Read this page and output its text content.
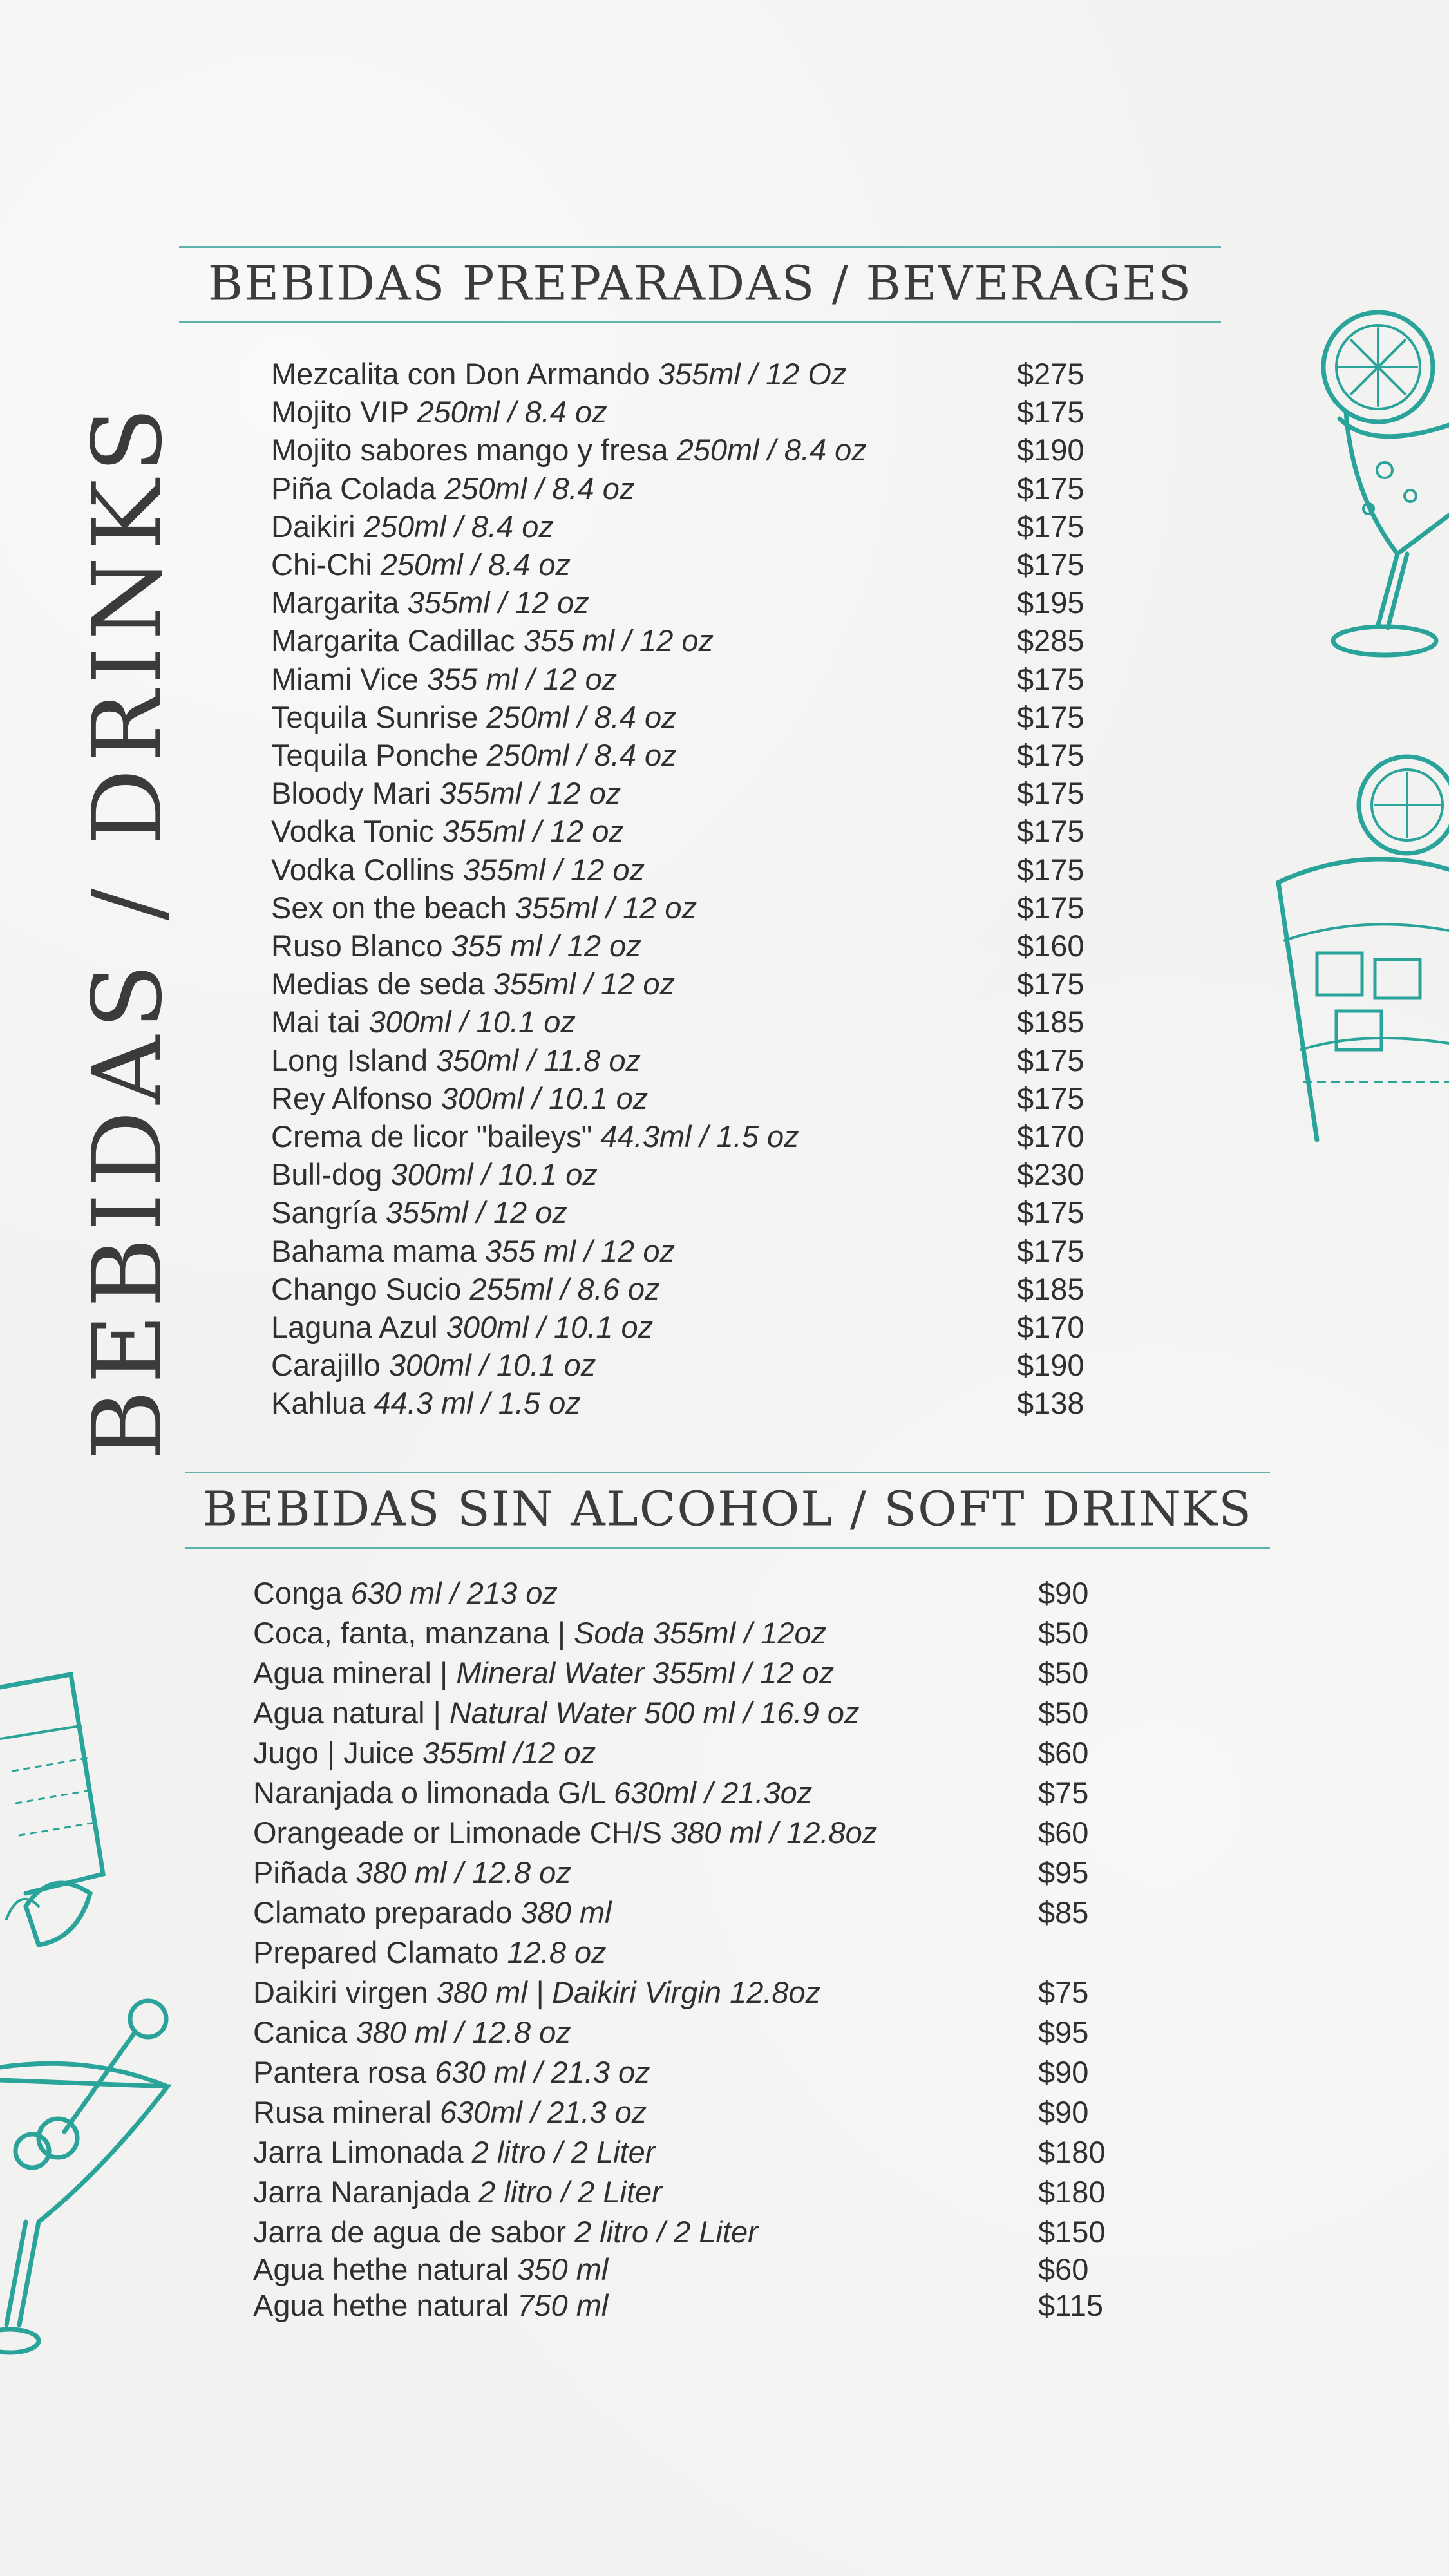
BEBIDAS / DRINKS
BEBIDAS PREPARADAS / BEVERAGES
BEBIDAS SIN ALCOHOL / SOFT DRINKS
Mezcalita con Don Armando 355ml / 12 Oz	$275
Mojito VIP 250ml / 8.4 oz	$175
Mojito sabores mango y fresa 250ml / 8.4 oz	$190
Piña Colada 250ml / 8.4 oz	$175
Daikiri 250ml / 8.4 oz	$175
Chi-Chi 250ml / 8.4 oz	$175
Margarita 355ml / 12 oz	$195
Margarita Cadillac 355 ml / 12 oz	$285
Miami Vice 355 ml / 12 oz	$175
Tequila Sunrise 250ml / 8.4 oz	$175
Tequila Ponche 250ml / 8.4 oz	$175
Bloody Mari 355ml / 12 oz	$175
Vodka Tonic 355ml / 12 oz	$175
Vodka Collins 355ml / 12 oz	$175
Sex on the beach 355ml / 12 oz	$175
Ruso Blanco 355 ml / 12 oz	$160
Medias de seda 355ml / 12 oz	$175
Mai tai 300ml / 10.1 oz	$185
Long Island 350ml / 11.8 oz	$175
Rey Alfonso 300ml / 10.1 oz	$175
Crema de licor "baileys" 44.3ml / 1.5 oz	$170
Bull-dog 300ml / 10.1 oz	$230
Sangría 355ml / 12 oz	$175
Bahama mama 355 ml / 12 oz	$175
Chango Sucio 255ml / 8.6 oz	$185
Laguna Azul 300ml / 10.1 oz	$170
Carajillo 300ml / 10.1 oz	$190
Kahlua 44.3 ml / 1.5 oz	$138
Conga 630 ml / 213 oz	$90
Coca, fanta, manzana | Soda 355ml / 12oz	$50
Agua mineral | Mineral Water 355ml / 12 oz	$50
Agua natural | Natural Water 500 ml / 16.9 oz	$50
Jugo | Juice 355ml /12 oz	$60
Naranjada o limonada G/L 630ml / 21.3oz	$75
Orangeade or Limonade CH/S 380 ml / 12.8oz	$60
Piñada 380 ml / 12.8 oz	$95
Clamato preparado 380 ml	$85
Prepared Clamato 12.8 oz
Daikiri virgen 380 ml | Daikiri Virgin 12.8oz	$75
Canica 380 ml / 12.8 oz	$95
Pantera rosa 630 ml / 21.3 oz	$90
Rusa mineral 630ml / 21.3 oz	$90
Jarra Limonada 2 litro / 2 Liter	$180
Jarra Naranjada 2 litro / 2 Liter	$180
Jarra de agua de sabor 2 litro / 2 Liter	$150
Agua hethe natural 350 ml	$60
Agua hethe natural 750 ml	$115
